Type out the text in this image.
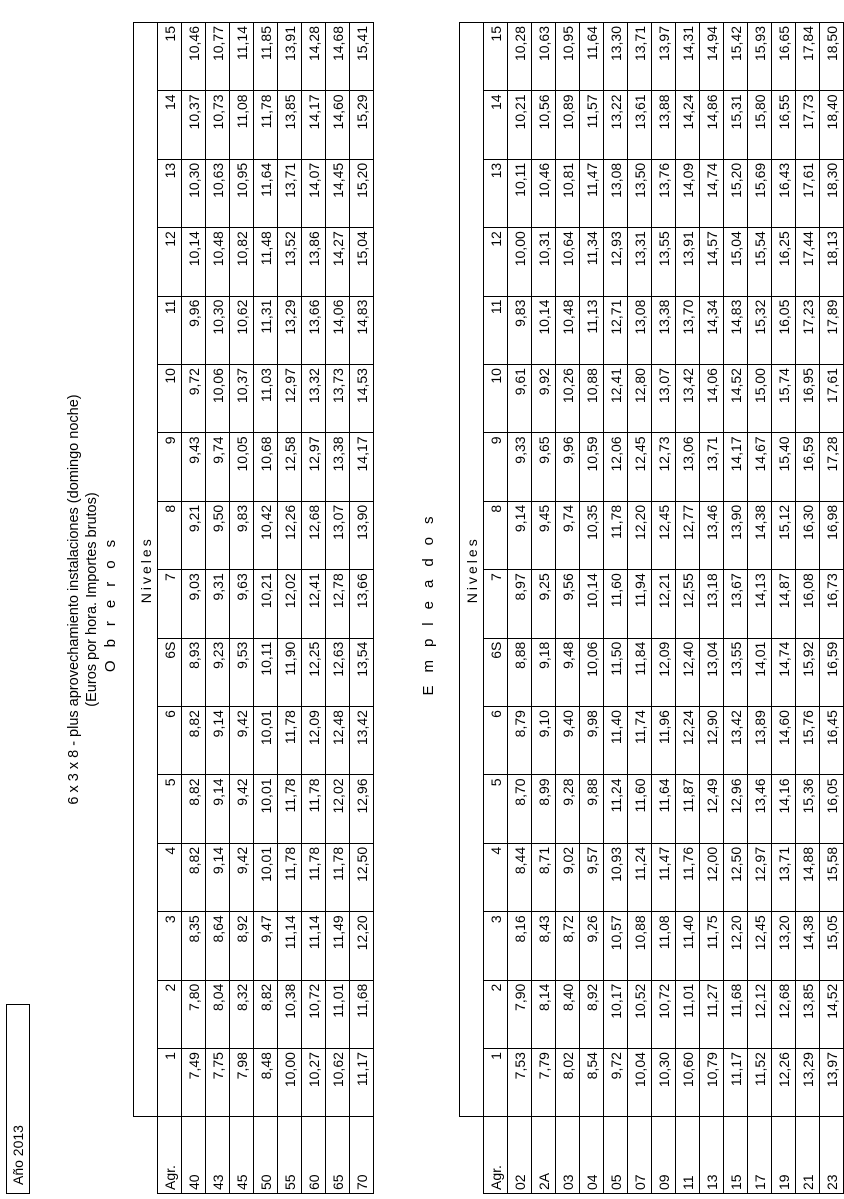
Año 2013
6 x 3 x 8 - plus aprovechamiento instalaciones (domingo noche) (Euros por hora. Importes brutos) Obreros
	Niveles															
Agr.	1	2	3	4	5	6	6S	7	8	9	10	11	12	13	14	15
40	7,49	7,80	8,35	8,82	8,82	8,82	8,93	9,03	9,21	9,43	9,72	9,96	10,14	10,30	10,37	10,46
43	7,75	8,04	8,64	9,14	9,14	9,14	9,23	9,31	9,50	9,74	10,06	10,30	10,48	10,63	10,73	10,77
45	7,98	8,32	8,92	9,42	9,42	9,42	9,53	9,63	9,83	10,05	10,37	10,62	10,82	10,95	11,08	11,14
50	8,48	8,82	9,47	10,01	10,01	10,01	10,11	10,21	10,42	10,68	11,03	11,31	11,48	11,64	11,78	11,85
55	10,00	10,38	11,14	11,78	11,78	11,78	11,90	12,02	12,26	12,58	12,97	13,29	13,52	13,71	13,85	13,91
60	10,27	10,72	11,14	11,78	11,78	12,09	12,25	12,41	12,68	12,97	13,32	13,66	13,86	14,07	14,17	14,28
65	10,62	11,01	11,49	11,78	12,02	12,48	12,63	12,78	13,07	13,38	13,73	14,06	14,27	14,45	14,60	14,68
70	11,17	11,68	12,20	12,50	12,96	13,42	13,54	13,66	13,90	14,17	14,53	14,83	15,04	15,20	15,29	15,41
Empleados
	Niveles															
Agr.	1	2	3	4	5	6	6S	7	8	9	10	11	12	13	14	15
02	7,53	7,90	8,16	8,44	8,70	8,79	8,88	8,97	9,14	9,33	9,61	9,83	10,00	10,11	10,21	10,28
2A	7,79	8,14	8,43	8,71	8,99	9,10	9,18	9,25	9,45	9,65	9,92	10,14	10,31	10,46	10,56	10,63
03	8,02	8,40	8,72	9,02	9,28	9,40	9,48	9,56	9,74	9,96	10,26	10,48	10,64	10,81	10,89	10,95
04	8,54	8,92	9,26	9,57	9,88	9,98	10,06	10,14	10,35	10,59	10,88	11,13	11,34	11,47	11,57	11,64
05	9,72	10,17	10,57	10,93	11,24	11,40	11,50	11,60	11,78	12,06	12,41	12,71	12,93	13,08	13,22	13,30
07	10,04	10,52	10,88	11,24	11,60	11,74	11,84	11,94	12,20	12,45	12,80	13,08	13,31	13,50	13,61	13,71
09	10,30	10,72	11,08	11,47	11,64	11,96	12,09	12,21	12,45	12,73	13,07	13,38	13,55	13,76	13,88	13,97
11	10,60	11,01	11,40	11,76	11,87	12,24	12,40	12,55	12,77	13,06	13,42	13,70	13,91	14,09	14,24	14,31
13	10,79	11,27	11,75	12,00	12,49	12,90	13,04	13,18	13,46	13,71	14,06	14,34	14,57	14,74	14,86	14,94
15	11,17	11,68	12,20	12,50	12,96	13,42	13,55	13,67	13,90	14,17	14,52	14,83	15,04	15,20	15,31	15,42
17	11,52	12,12	12,45	12,97	13,46	13,89	14,01	14,13	14,38	14,67	15,00	15,32	15,54	15,69	15,80	15,93
19	12,26	12,68	13,20	13,71	14,16	14,60	14,74	14,87	15,12	15,40	15,74	16,05	16,25	16,43	16,55	16,65
21	13,29	13,85	14,38	14,88	15,36	15,76	15,92	16,08	16,30	16,59	16,95	17,23	17,44	17,61	17,73	17,84
23	13,97	14,52	15,05	15,58	16,05	16,45	16,59	16,73	16,98	17,28	17,61	17,89	18,13	18,30	18,40	18,50
